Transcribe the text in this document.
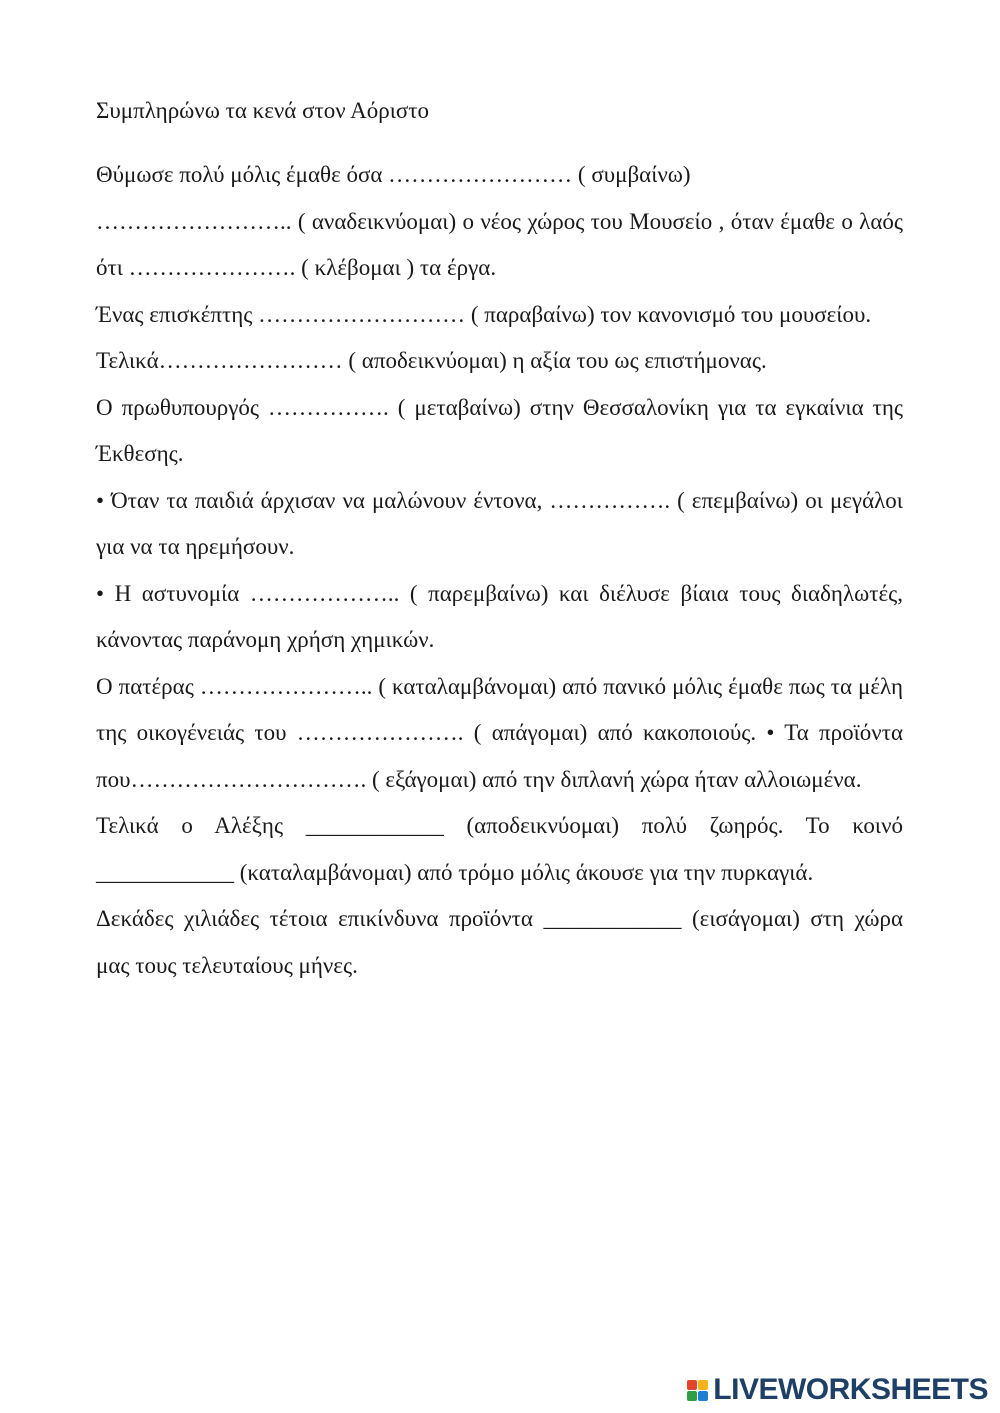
Συμπληρώνω τα κενά στον Αόριστο

Θύμωσε πολύ μόλις έμαθε όσα …………………… ( συμβαίνω)

…………………….. ( αναδεικνύομαι) ο νέος χώρος του Μουσείο , όταν έμαθε ο λαός ότι …………………. ( κλέβομαι ) τα έργα.

Ένας επισκέπτης ……………………… ( παραβαίνω) τον κανονισμό του μουσείου.

Τελικά…………………… ( αποδεικνύομαι) η αξία του ως επιστήμονας.

Ο πρωθυπουργός ……………. ( μεταβαίνω) στην Θεσσαλονίκη για τα εγκαίνια της Έκθεσης.

• Όταν τα παιδιά άρχισαν να μαλώνουν έντονα, ……………. ( επεμβαίνω) οι μεγάλοι για να τα ηρεμήσουν.

• Η αστυνομία ……………….. ( παρεμβαίνω) και διέλυσε βίαια τους διαδηλωτές, κάνοντας παράνομη χρήση χημικών.

Ο πατέρας ………………….. ( καταλαμβάνομαι) από πανικό μόλις έμαθε πως τα μέλη της οικογένειάς του …………………. ( απάγομαι) από κακοποιούς. • Τα προϊόντα που…………………………. ( εξάγομαι) από την διπλανή χώρα ήταν αλλοιωμένα.

Τελικά ο Αλέξης ____________ (αποδεικνύομαι) πολύ ζωηρός. Το κοινό ____________ (καταλαμβάνομαι) από τρόμο μόλις άκουσε για την πυρκαγιά.

Δεκάδες χιλιάδες τέτοια επικίνδυνα προϊόντα ____________ (εισάγομαι) στη χώρα μας τους τελευταίους μήνες.

LIVEWORKSHEETS
